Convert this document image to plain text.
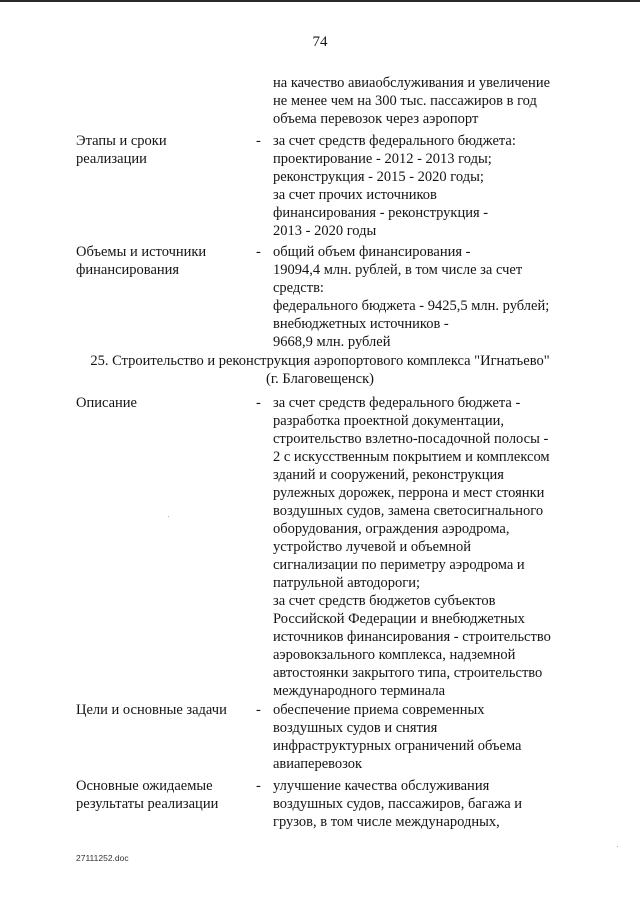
74
на качество авиаобслуживания и увеличение
не менее чем на 300 тыс. пассажиров в год
объема перевозок через аэропорт
Этапы и сроки
реализации
- за счет средств федерального бюджета:
проектирование - 2012 - 2013 годы;
реконструкция - 2015 - 2020 годы;
за счет прочих источников
финансирования - реконструкция -
2013 - 2020 годы
Объемы и источники
финансирования
- общий объем финансирования -
19094,4 млн. рублей, в том числе за счет
средств:
федерального бюджета - 9425,5 млн. рублей;
внебюджетных источников -
9668,9 млн. рублей
25. Строительство и реконструкция аэропортового комплекса "Игнатьево"
(г. Благовещенск)
Описание	- за счет средств федерального бюджета -
разработка проектной документации,
строительство взлетно-посадочной полосы -
2 с искусственным покрытием и комплексом
зданий и сооружений, реконструкция
рулежных дорожек, перрона и мест стоянки
воздушных судов, замена светосигнального
оборудования, ограждения аэродрома,
устройство лучевой и объемной
сигнализации по периметру аэродрома и
патрульной автодороги;
за счет средств бюджетов субъектов
Российской Федерации и внебюджетных
источников финансирования - строительство
аэровокзального комплекса, надземной
автостоянки закрытого типа, строительство
международного терминала
Цели и основные задачи - обеспечение приема современных
воздушных судов и снятия
инфраструктурных ограничений объема
авиаперевозок
Основные ожидаемые
результаты реализации
- улучшение качества обслуживания
воздушных судов, пассажиров, багажа и
грузов, в том числе международных,
27111252.doc
